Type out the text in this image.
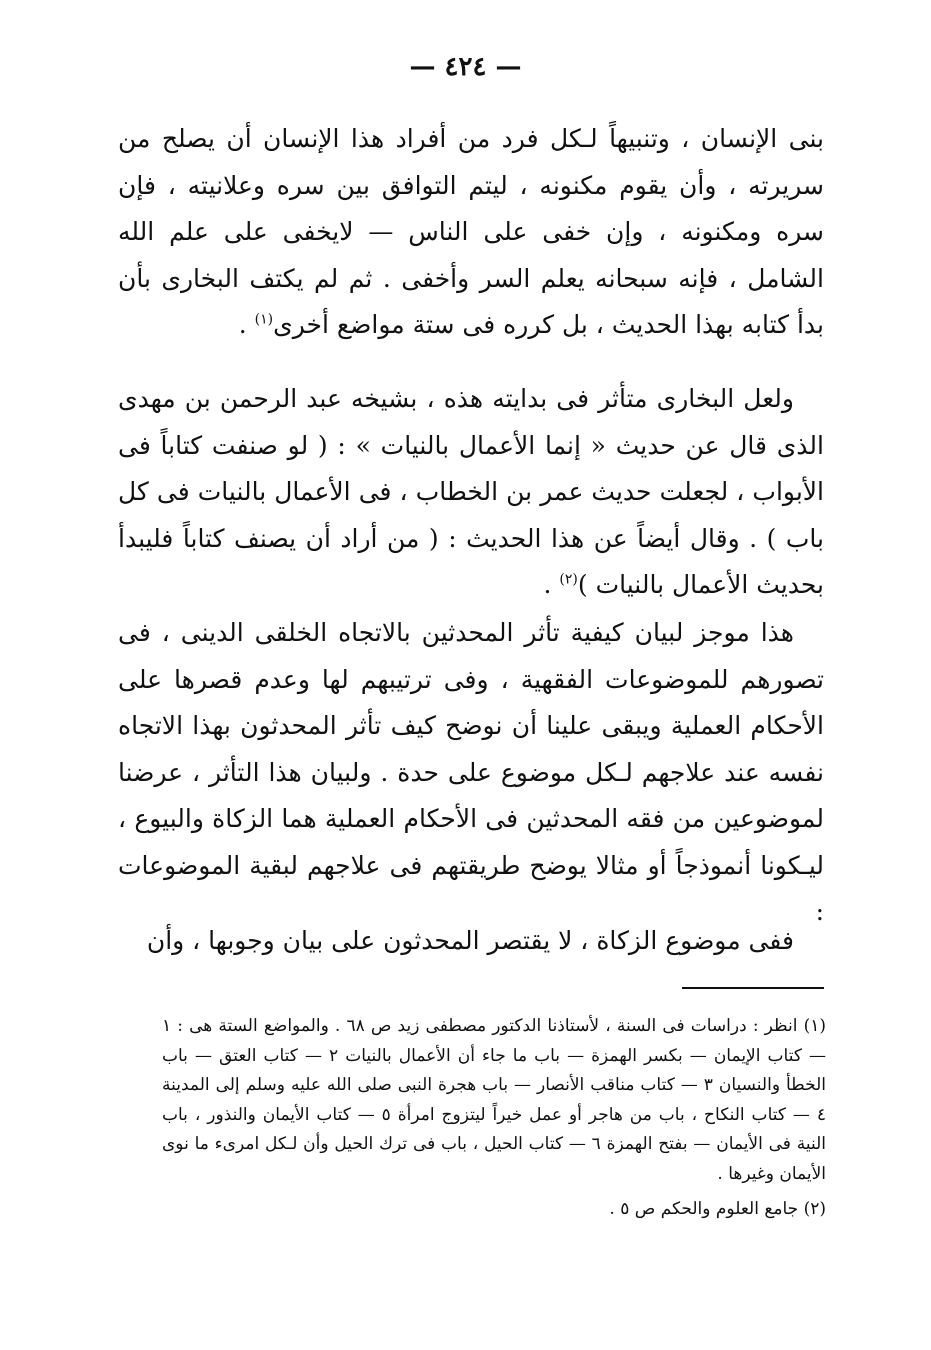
— ٤٢٤ —

بنى الإنسان ، وتنبيهاً لـكل فرد من أفراد هذا الإنسان أن يصلح من سريرته ، وأن يقوم مكنونه ، ليتم التوافق بين سره وعلانيته ، فإن سره ومكنونه ، وإن خفى على الناس — لايخفى على علم الله الشامل ، فإنه سبحانه يعلم السر وأخفى . ثم لم يكتف البخارى بأن بدأ كتابه بهذا الحديث ، بل كرره فى ستة مواضع أخرى$^{(١)}$ .

ولعل البخارى متأثر فى بدايته هذه ، بشيخه عبد الرحمن بن مهدى الذى قال عن حديث « إنما الأعمال بالنيات » : ( لو صنفت كتاباً فى الأبواب ، لجعلت حديث عمر بن الخطاب ، فى الأعمال بالنيات فى كل باب ) . وقال أيضاً عن هذا الحديث : ( من أراد أن يصنف كتاباً فليبدأ بحديث الأعمال بالنيات )$^{(٢)}$ .

هذا موجز لبيان كيفية تأثر المحدثين بالاتجاه الخلقى الدينى ، فى تصورهم للموضوعات الفقهية ، وفى ترتيبهم لها وعدم قصرها على الأحكام العملية ويبقى علينا أن نوضح كيف تأثر المحدثون بهذا الاتجاه نفسه عند علاجهم لـكل موضوع على حدة . ولبيان هذا التأثر ، عرضنا لموضوعين من فقه المحدثين فى الأحكام العملية هما الزكاة والبيوع ، ليـكونا أنموذجاً أو مثالا يوضح طريقتهم فى علاجهم لبقية الموضوعات :

ففى موضوع الزكاة ، لا يقتصر المحدثون على بيان وجوبها ، وأن

(١) انظر : دراسات فى السنة ، لأستاذنا الدكتور مصطفى زيد ص ٦٨ . والمواضع الستة هى : ١ — كتاب الإيمان — بكسر الهمزة — باب ما جاء أن الأعمال بالنيات ٢ — كتاب العتق — باب الخطأ والنسيان ٣ — كتاب مناقب الأنصار — باب هجرة النبى صلى الله عليه وسلم إلى المدينة ٤ — كتاب النكاح ، باب من هاجر أو عمل خيراً ليتزوج امرأة ٥ — كتاب الأيمان والنذور ، باب النية فى الأيمان — بفتح الهمزة ٦ — كتاب الحيل ، باب فى ترك الحيل وأن لـكل امرىء ما نوى الأيمان وغيرها .

(٢) جامع العلوم والحكم ص ٥ .
